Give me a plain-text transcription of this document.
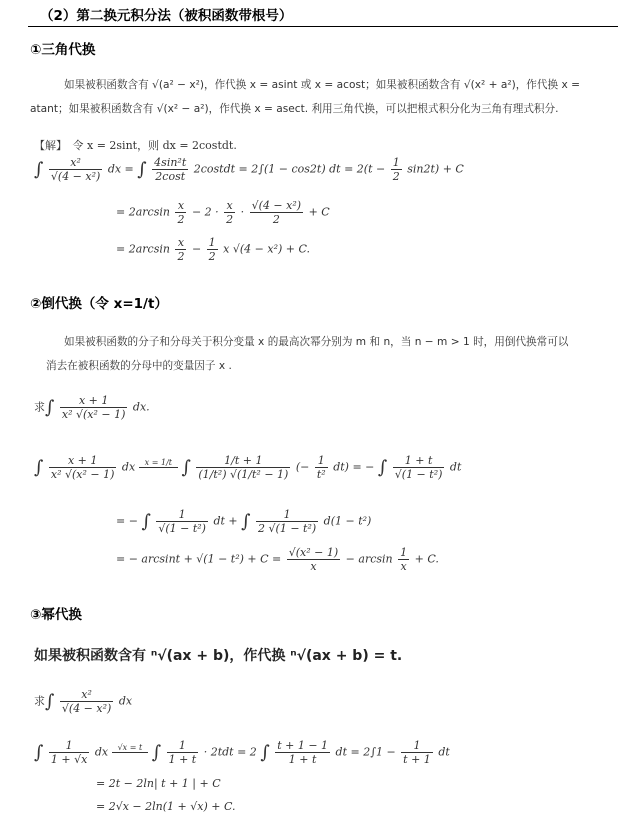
（2）第二换元积分法（被积函数带根号）
①三角代换
如果被积函数含有 √(a² − x²)，作代换 x = asint 或 x = acost；如果被积函数含有 √(x² + a²)，作代换 x =
atant；如果被积函数含有 √(x² − a²)，作代换 x = asect. 利用三角代换，可以把根式积分化为三角有理式积分.
【解】　令 x = 2sint，则 dx = 2costdt.
∫ $\frac{\text{x²}}{\text{√(4 − x²)}}$ dx = ∫ $\frac{\text{4sin²t}}{2\cos t}$ 2costdt = 2∫(1 − cos2t) dt = $2(t - \frac{1}{2} \sin 2t) + C$
= $2\arcsin \frac{x}{2} - 2 \cdot \frac{x}{2} \cdot \frac{\text{√(4 − x²)}}{2} + C$
= $2\arcsin \frac{x}{2} - \frac{1}{2}$ x √(4 − x²) + C.
②倒代换（令 x=1/t）
如果被积函数的分子和分母关于积分变量 x 的最高次幂分别为 m 和 n，当 n − m > 1 时，用倒代换常可以
消去在被积函数的分母中的变量因子 x .
求∫ $\frac{x + 1}{\text{x² √(x² − 1)}}$ dx.
∫ $\frac{x + 1}{\text{x² √(x² − 1)}}$ dx	x = 1/t ∫ $\frac{1/t + 1}{\text{(1/t²) √(1/t² − 1)}}$ (− $\frac{1}{\text{t²}} dt$) = − ∫ $\frac{1 + t}{\text{√(1 − t²)}}$ dt
= − ∫ $\frac{1}{\text{√(1 − t²)}}$ dt + ∫ $\frac{1}{\text{2 √(1 − t²)}} d(1 - t^2)$
= − $\arcsin t + √(1 - t^2) + C = \frac{\text{√(x² − 1)}}{x} - \arcsin \frac{1}{x} + C$.
③幂代换
如果被积函数含有 ⁿ√(ax + b)，作代换 ⁿ√(ax + b) = t.
求∫ $\frac{\text{x²}}{\text{√(4 − x²)}}$ dx
∫ $\frac{1}{1 + √x}$ dx	√x = t ∫ $\frac{1}{1 + t} \cdot 2tdt = 2$ ∫ $\frac{t + 1 - 1}{1 + t}$ dt = $2\int 1 - \frac{1}{t + 1}$ dt
= 2t − 2ln| t + 1 | + C
= 2√x − 2ln(1 + √x) + C.
